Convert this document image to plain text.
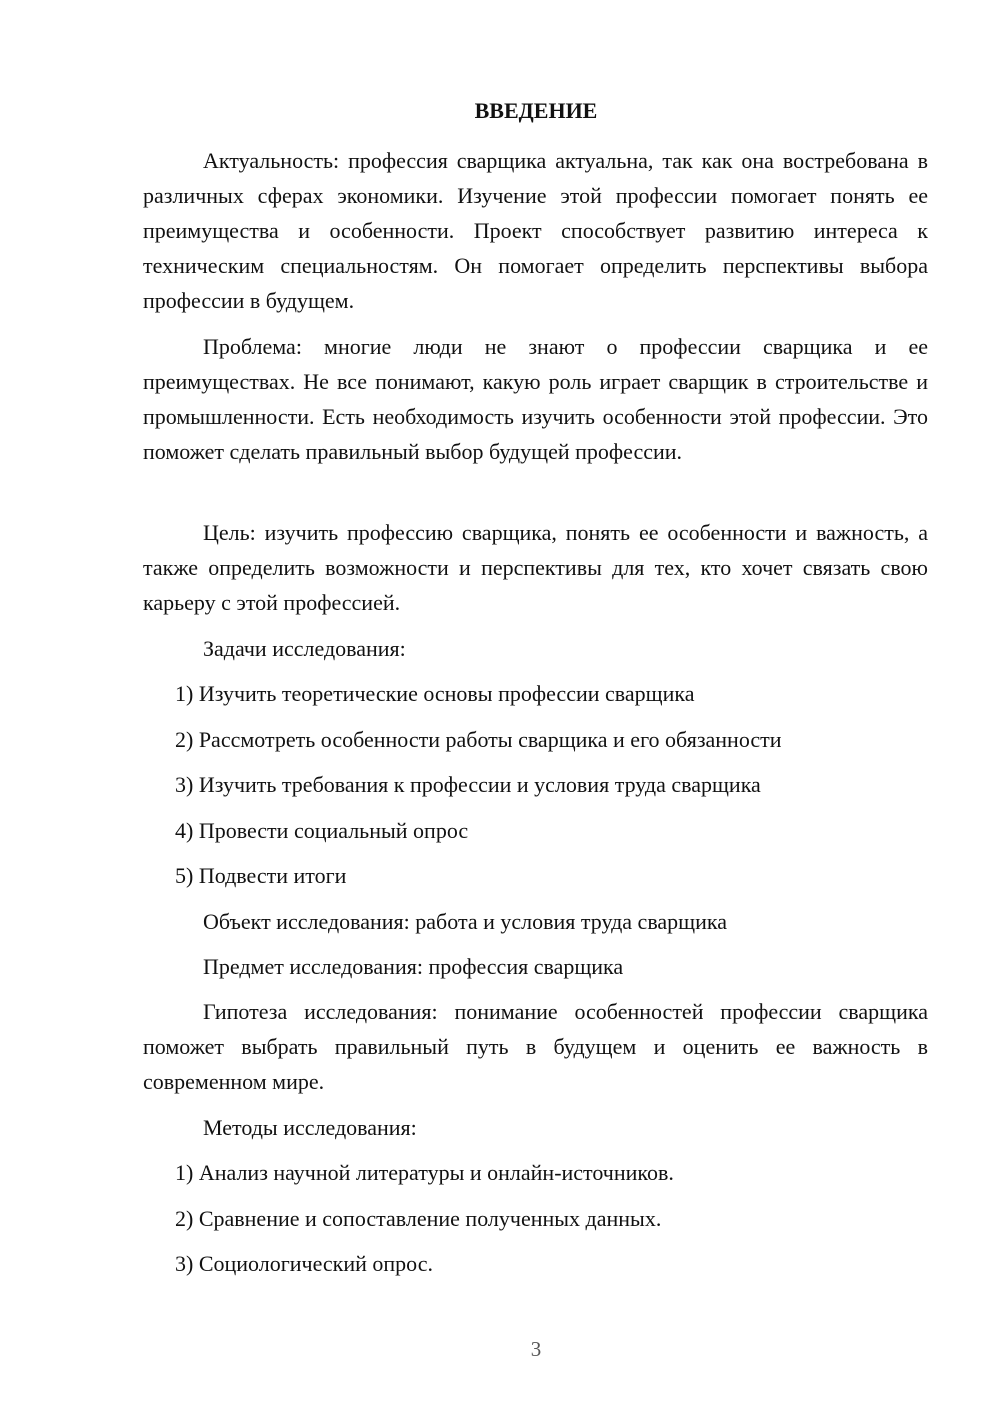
ВВЕДЕНИЕ

Актуальность: профессия сварщика актуальна, так как она востребована в различных сферах экономики. Изучение этой профессии помогает понять ее преимущества и особенности. Проект способствует развитию интереса к техническим специальностям. Он помогает определить перспективы выбора профессии в будущем.

Проблема: многие люди не знают о профессии сварщика и ее преимуществах. Не все понимают, какую роль играет сварщик в строительстве и промышленности. Есть необходимость изучить особенности этой профессии. Это поможет сделать правильный выбор будущей профессии.

Цель: изучить профессию сварщика, понять ее особенности и важность, а также определить возможности и перспективы для тех, кто хочет связать свою карьеру с этой профессией.

Задачи исследования:
1) Изучить теоретические основы профессии сварщика
2) Рассмотреть особенности работы сварщика и его обязанности
3) Изучить требования к профессии и условия труда сварщика
4) Провести социальный опрос
5) Подвести итоги
Объект исследования: работа и условия труда сварщика
Предмет исследования: профессия сварщика

Гипотеза исследования: понимание особенностей профессии сварщика поможет выбрать правильный путь в будущем и оценить ее важность в современном мире.

Методы исследования:
1) Анализ научной литературы и онлайн-источников.
2) Сравнение и сопоставление полученных данных.
3) Социологический опрос.
3
